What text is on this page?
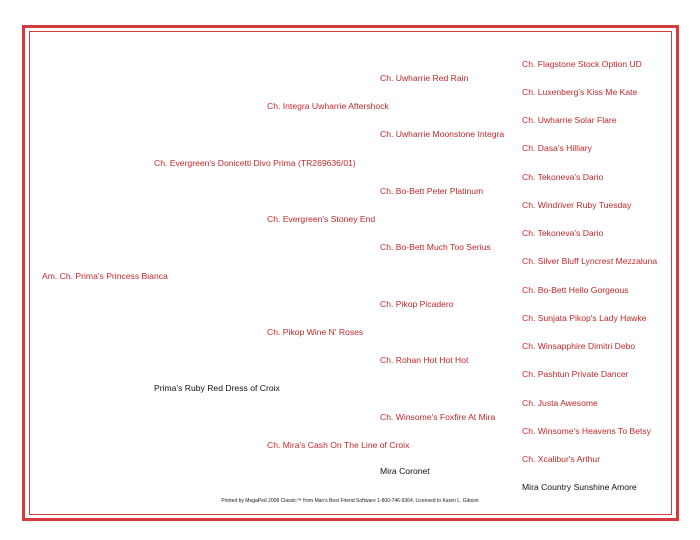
Am. Ch. Prima's Princess Bianca
Ch. Evergreen's Donicetti Divo Prima (TR269636/01)
Prima's Ruby Red Dress of Croix
Ch. Integra Uwharrie Aftershock
Ch. Evergreen's Stoney End
Ch. Pikop Wine N' Roses
Ch. Mira's Cash On The Line of Croix
Ch. Uwharrie Red Rain
Ch. Uwharrie Moonstone Integra
Ch. Bo-Bett Peter Platinum
Ch. Bo-Bett Much Too Serius
Ch. Pikop Picadero
Ch. Rohan Hot Hot Hot
Ch. Winsome's Foxfire At Mira
Mira Coronet
Ch. Flagstone Stock Option UD
Ch. Luxenberg's Kiss Me Kate
Ch. Uwharrie Solar Flare
Ch. Dasa's Hilliary
Ch. Tekoneva's Dario
Ch. Windriver Ruby Tuesday
Ch. Tekoneva's Dario
Ch. Silver Bluff Lyncrest Mezzaluna
Ch. Bo-Bett Hello Gorgeous
Ch. Sunjata Pikop's Lady Hawke
Ch. Winsapphire Dimitri Debo
Ch. Pashtun Private Dancer
Ch. Justa Awesome
Ch. Winsome's Heavens To Betsy
Ch. Xcalibur's Arthur
Mira Country Sunshine Amore
Printed by MegaPed 2008 Classic™ from Man's Best Friend Software 1-800-746-9364, Licensed to Karen L. Gibson
